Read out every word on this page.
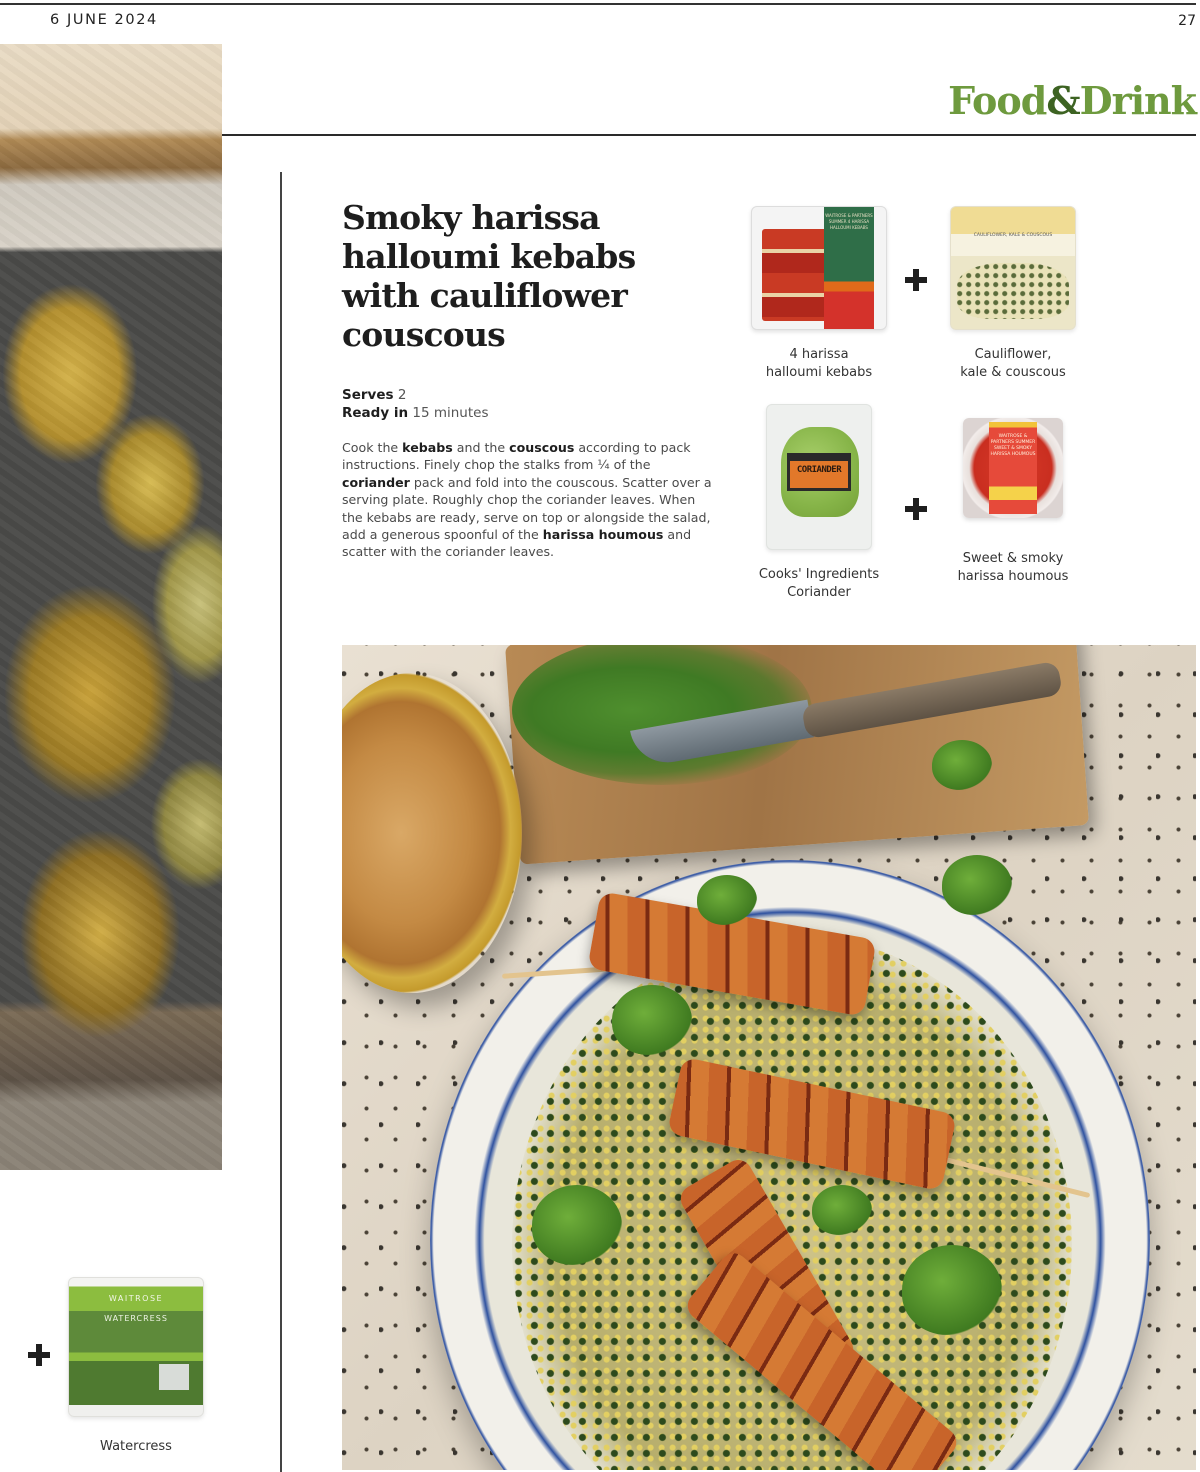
6 JUNE 2024	27
Food&Drink
Smoky harissa halloumi kebabs with cauliflower couscous
Serves 2
Ready in 15 minutes

Cook the kebabs and the couscous according to pack instructions. Finely chop the stalks from ¼ of the coriander pack and fold into the couscous. Scatter over a serving plate. Roughly chop the coriander leaves. When the kebabs are ready, serve on top or alongside the salad, add a generous spoonful of the harissa houmous and scatter with the coriander leaves.

WAITROSE & PARTNERS SUMMER 4 HARISSA HALLOUMI KEBABS
4 harissa
halloumi kebabs
CAULIFLOWER, KALE & COUSCOUS
Cauliflower,
kale & couscous
CORIANDER
Cooks' Ingredients
Coriander
WAITROSE & PARTNERS SUMMER SWEET & SMOKY HARISSA HOUMOUS
Sweet & smoky
harissa houmous
WAITROSE
WATERCRESS
Watercress
